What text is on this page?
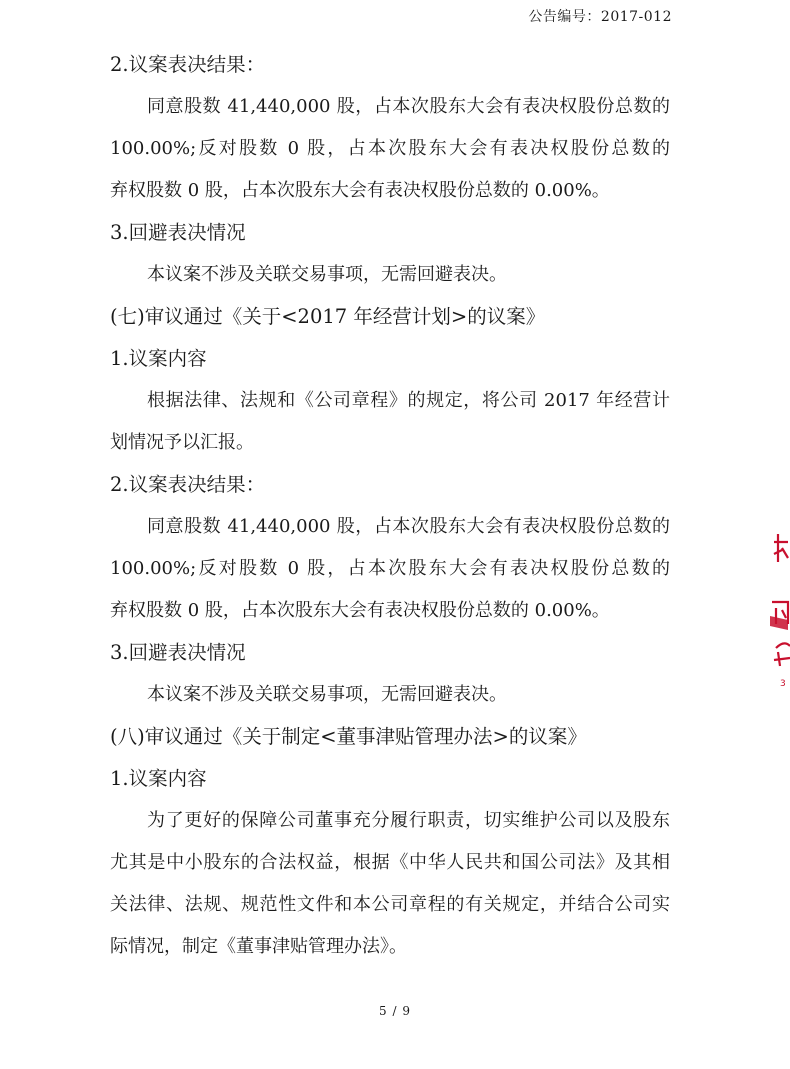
公告编号：2017-012
2.议案表决结果：
同意股数 41,440,000 股，占本次股东大会有表决权股份总数的
100.00%;反对股数 0 股，占本次股东大会有表决权股份总数的
弃权股数 0 股，占本次股东大会有表决权股份总数的 0.00%。
3.回避表决情况
本议案不涉及关联交易事项，无需回避表决。
(七)审议通过《关于<2017 年经营计划>的议案》
1.议案内容
根据法律、法规和《公司章程》的规定，将公司 2017 年经营计
划情况予以汇报。
2.议案表决结果：
同意股数 41,440,000 股，占本次股东大会有表决权股份总数的
100.00%;反对股数 0 股，占本次股东大会有表决权股份总数的
弃权股数 0 股，占本次股东大会有表决权股份总数的 0.00%。
3.回避表决情况
本议案不涉及关联交易事项，无需回避表决。
(八)审议通过《关于制定<董事津贴管理办法>的议案》
1.议案内容
为了更好的保障公司董事充分履行职责，切实维护公司以及股东
尤其是中小股东的合法权益，根据《中华人民共和国公司法》及其相
关法律、法规、规范性文件和本公司章程的有关规定，并结合公司实
际情况，制定《董事津贴管理办法》。
5 / 9
3
